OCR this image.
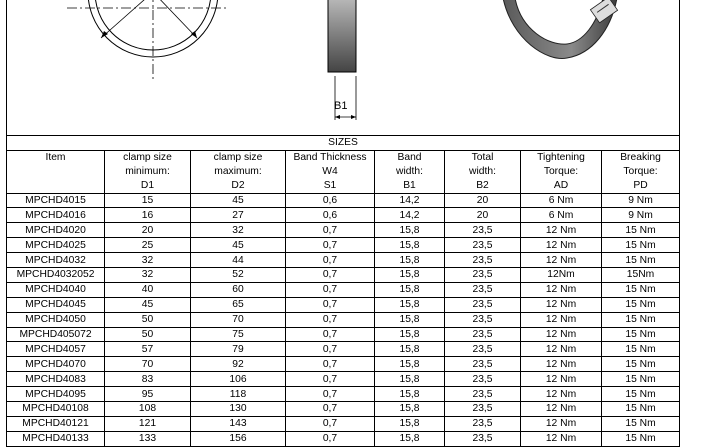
B1
SIZES							
Item	clamp size	clamp size	Band Thickness	Band	Total	Tightening	Breaking
	minimum:	maximum:	W4	width:	width:	Torque:	Torque:
	D1	D2	S1	B1	B2	AD	PD
MPCHD4015	15	45	0,6	14,2	20	6 Nm	9 Nm
MPCHD4016	16	27	0,6	14,2	20	6 Nm	9 Nm
MPCHD4020	20	32	0,7	15,8	23,5	12 Nm	15 Nm
MPCHD4025	25	45	0,7	15,8	23,5	12 Nm	15 Nm
MPCHD4032	32	44	0,7	15,8	23,5	12 Nm	15 Nm
MPCHD4032052	32	52	0,7	15,8	23,5	12Nm	15Nm
MPCHD4040	40	60	0,7	15,8	23,5	12 Nm	15 Nm
MPCHD4045	45	65	0,7	15,8	23,5	12 Nm	15 Nm
MPCHD4050	50	70	0,7	15,8	23,5	12 Nm	15 Nm
MPCHD405072	50	75	0,7	15,8	23,5	12 Nm	15 Nm
MPCHD4057	57	79	0,7	15,8	23,5	12 Nm	15 Nm
MPCHD4070	70	92	0,7	15,8	23,5	12 Nm	15 Nm
MPCHD4083	83	106	0,7	15,8	23,5	12 Nm	15 Nm
MPCHD4095	95	118	0,7	15,8	23,5	12 Nm	15 Nm
MPCHD40108	108	130	0,7	15,8	23,5	12 Nm	15 Nm
MPCHD40121	121	143	0,7	15,8	23,5	12 Nm	15 Nm
MPCHD40133	133	156	0,7	15,8	23,5	12 Nm	15 Nm
